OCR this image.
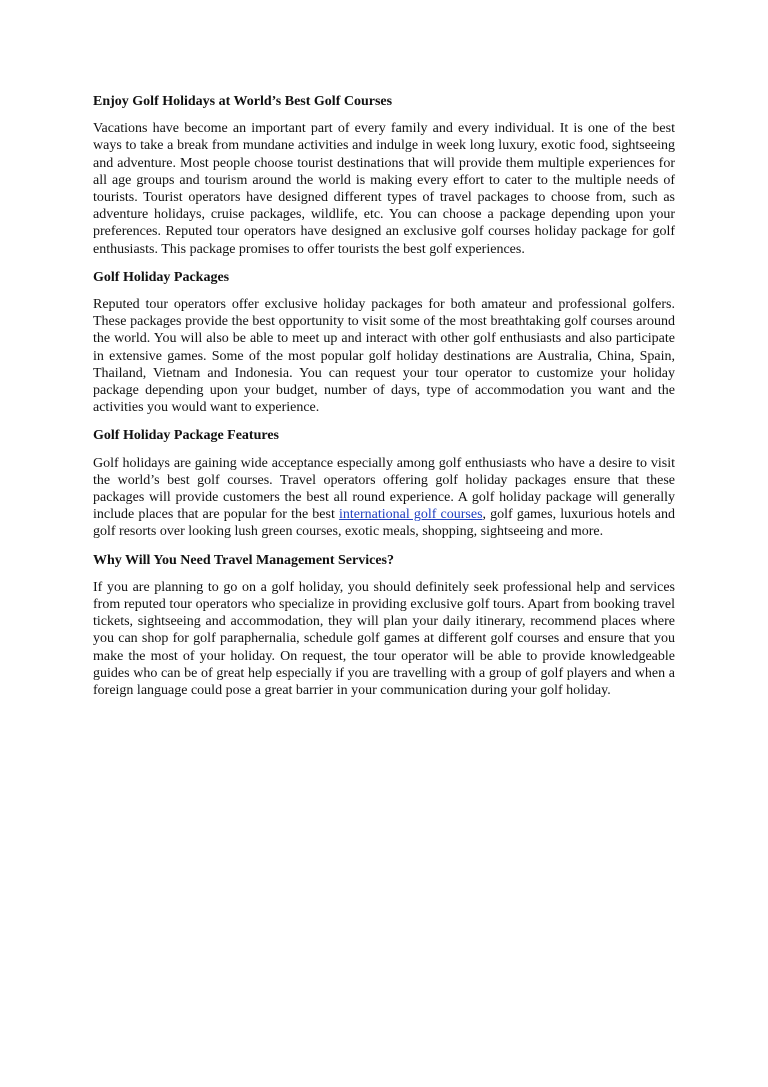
Enjoy Golf Holidays at World’s Best Golf Courses

Vacations have become an important part of every family and every individual. It is one of the best ways to take a break from mundane activities and indulge in week long luxury, exotic food, sightseeing and adventure. Most people choose tourist destinations that will provide them multiple experiences for all age groups and tourism around the world is making every effort to cater to the multiple needs of tourists. Tourist operators have designed different types of travel packages to choose from, such as adventure holidays, cruise packages, wildlife, etc. You can choose a package depending upon your preferences. Reputed tour operators have designed an exclusive golf courses holiday package for golf enthusiasts. This package promises to offer tourists the best golf experiences.

Golf Holiday Packages

Reputed tour operators offer exclusive holiday packages for both amateur and professional golfers. These packages provide the best opportunity to visit some of the most breathtaking golf courses around the world. You will also be able to meet up and interact with other golf enthusiasts and also participate in extensive games. Some of the most popular golf holiday destinations are Australia, China, Spain, Thailand, Vietnam and Indonesia. You can request your tour operator to customize your holiday package depending upon your budget, number of days, type of accommodation you want and the activities you would want to experience.

Golf Holiday Package Features

Golf holidays are gaining wide acceptance especially among golf enthusiasts who have a desire to visit the world’s best golf courses. Travel operators offering golf holiday packages ensure that these packages will provide customers the best all round experience. A golf holiday package will generally include places that are popular for the best international golf courses, golf games, luxurious hotels and golf resorts over looking lush green courses, exotic meals, shopping, sightseeing and more.

Why Will You Need Travel Management Services?

If you are planning to go on a golf holiday, you should definitely seek professional help and services from reputed tour operators who specialize in providing exclusive golf tours. Apart from booking travel tickets, sightseeing and accommodation, they will plan your daily itinerary, recommend places where you can shop for golf paraphernalia, schedule golf games at different golf courses and ensure that you make the most of your holiday. On request, the tour operator will be able to provide knowledgeable guides who can be of great help especially if you are travelling with a group of golf players and when a foreign language could pose a great barrier in your communication during your golf holiday.
